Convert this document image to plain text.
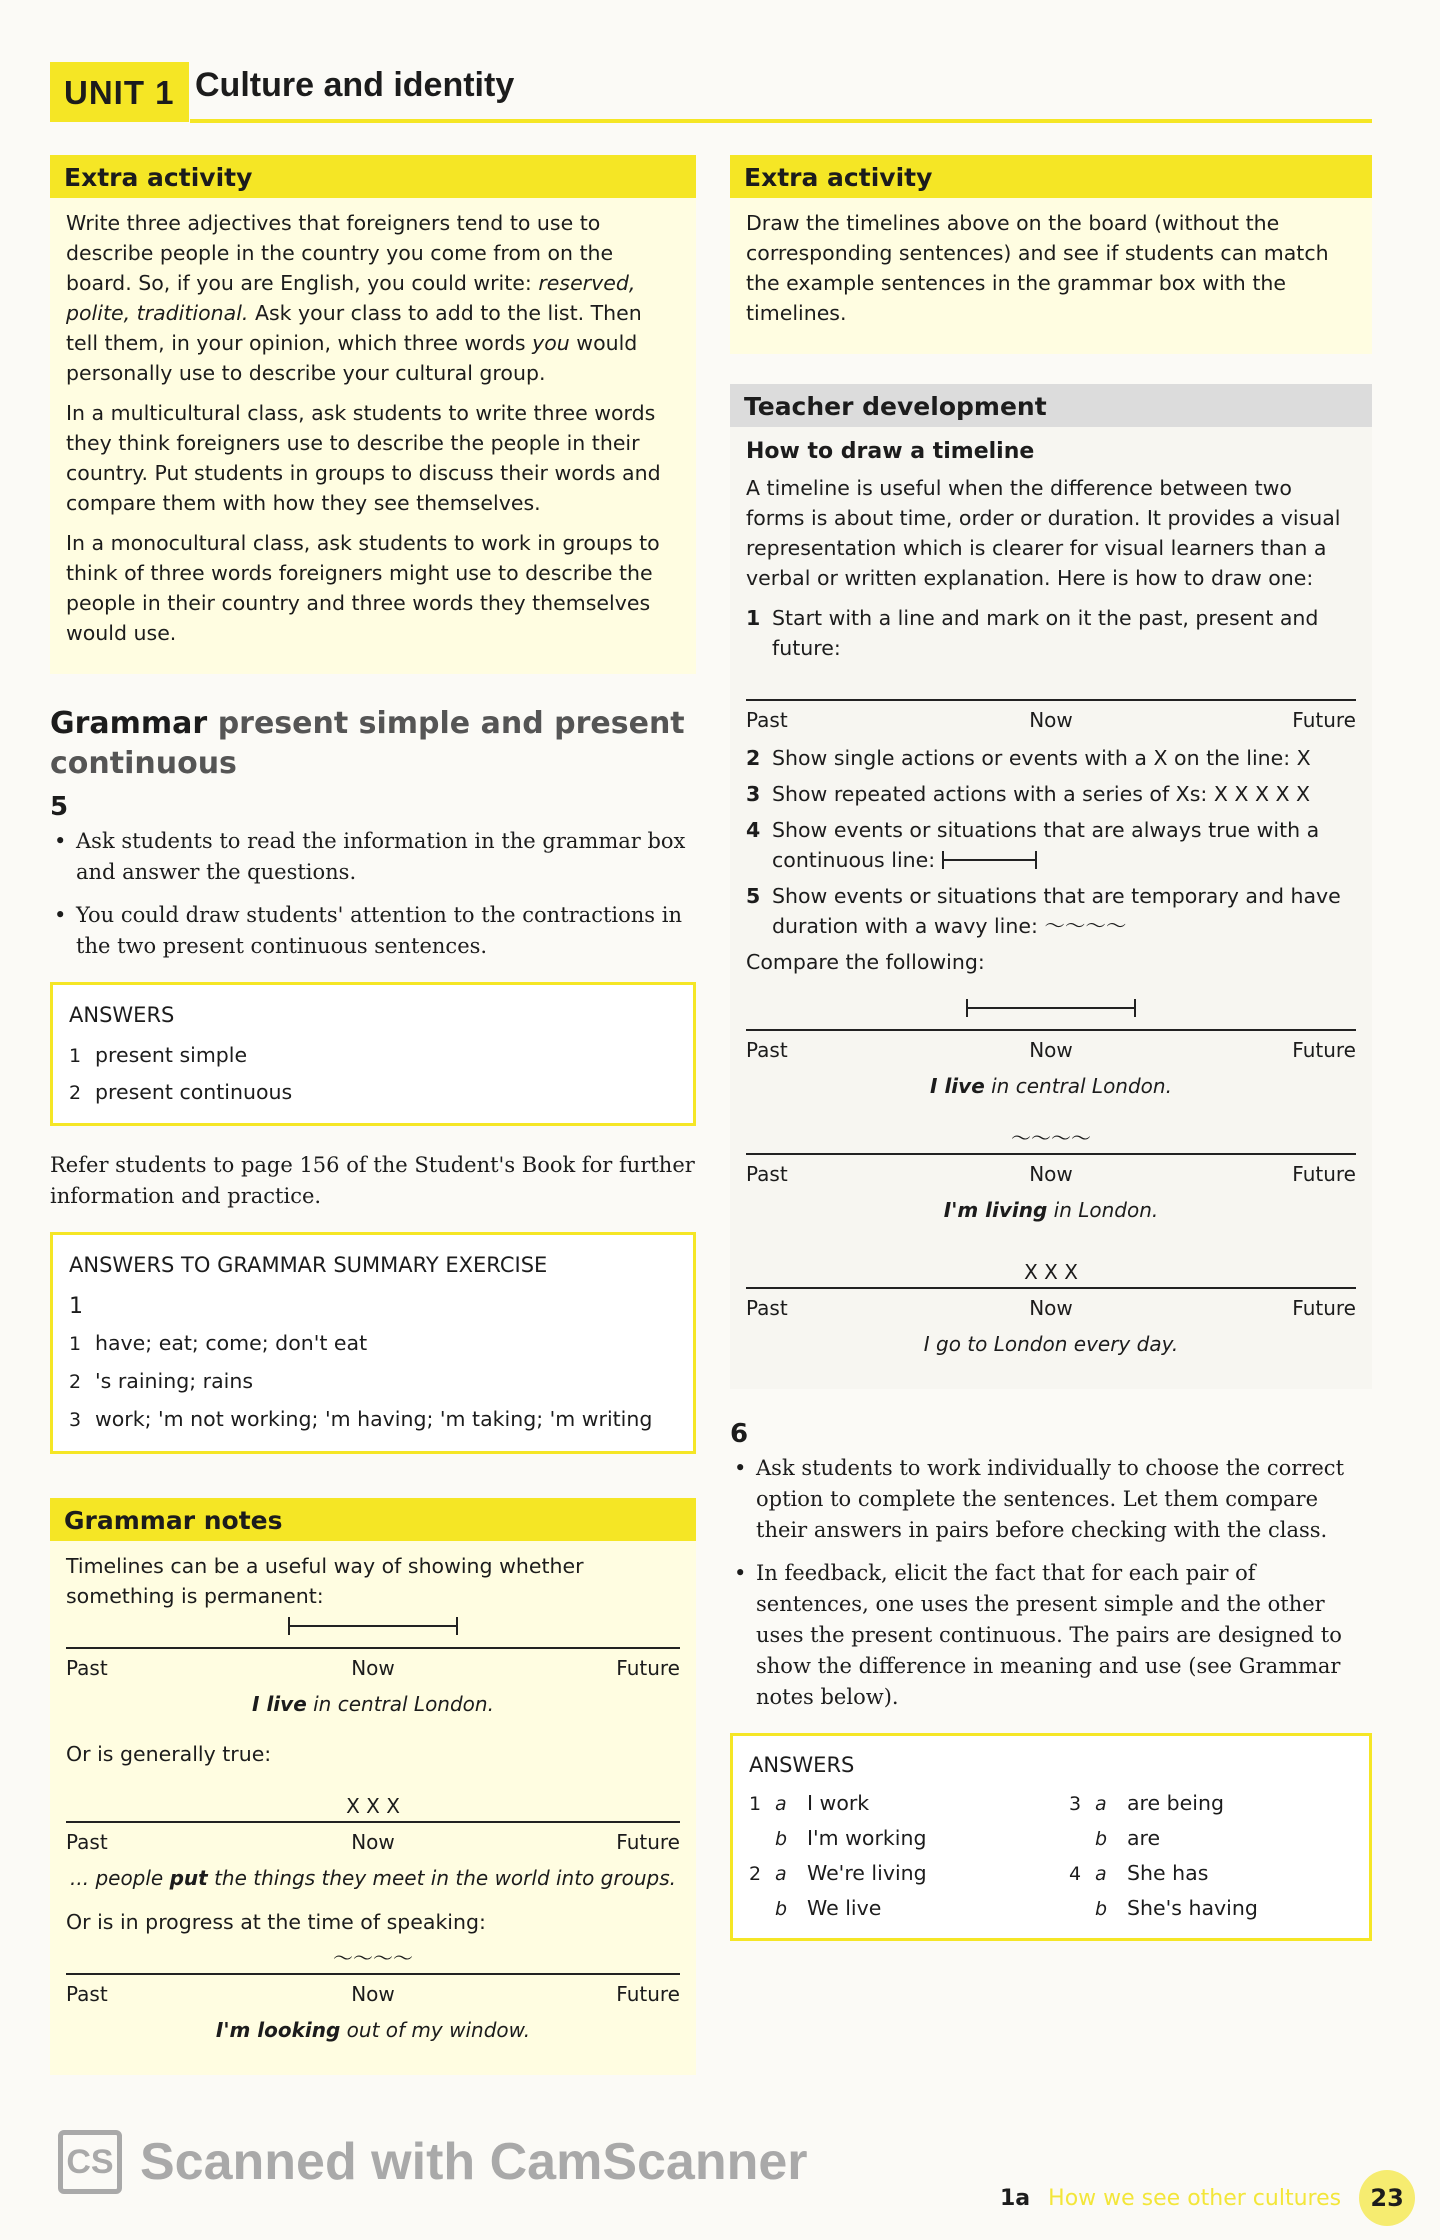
UNIT 1 Culture and identity
Extra activity

Write three adjectives that foreigners tend to use to describe people in the country you come from on the board. So, if you are English, you could write: reserved, polite, traditional. Ask your class to add to the list. Then tell them, in your opinion, which three words you would personally use to describe your cultural group.

In a multicultural class, ask students to write three words they think foreigners use to describe the people in their country. Put students in groups to discuss their words and compare them with how they see themselves.

In a monocultural class, ask students to work in groups to think of three words foreigners might use to describe the people in their country and three words they themselves would use.

Grammar present simple and present continuous
5
• Ask students to read the information in the grammar box and answer the questions.
• You could draw students' attention to the contractions in the two present continuous sentences.
ANSWERS
1 present simple
2 present continuous

Refer students to page 156 of the Student's Book for further information and practice.

ANSWERS TO GRAMMAR SUMMARY EXERCISE
1
1 have; eat; come; don't eat
2 's raining; rains
3 work; 'm not working; 'm having; 'm taking; 'm writing
Grammar notes

Timelines can be a useful way of showing whether something is permanent:

Past	Now	Future
I live in central London.

Or is generally true:

X X X
Past	Now	Future
... people put the things they meet in the world into groups.

Or is in progress at the time of speaking:

～～～～
Past	Now	Future
I'm looking out of my window.
Extra activity

Draw the timelines above on the board (without the corresponding sentences) and see if students can match the example sentences in the grammar box with the timelines.

Teacher development
How to draw a timeline

A timeline is useful when the difference between two forms is about time, order or duration. It provides a visual representation which is clearer for visual learners than a verbal or written explanation. Here is how to draw one:

1 Start with a line and mark on it the past, present and future:
Past	Now	Future
2 Show single actions or events with a X on the line: X
3 Show repeated actions with a series of Xs: X X X X X
4 Show events or situations that are always true with a continuous line:
5 Show events or situations that are temporary and have duration with a wavy line: ～～～～

Compare the following:

Past	Now	Future
I live in central London.
～～～～
Past	Now	Future
I'm living in London.
X X X
Past	Now	Future
I go to London every day.
6
• Ask students to work individually to choose the correct option to complete the sentences. Let them compare their answers in pairs before checking with the class.
• In feedback, elicit the fact that for each pair of sentences, one uses the present simple and the other uses the present continuous. The pairs are designed to show the difference in meaning and use (see Grammar notes below).
ANSWERS
1 a I work
b I'm working
2 a We're living
b We live
3 a are being
b are
4 a She has
b She's having
CS Scanned with CamScanner
1a How we see other cultures	23
